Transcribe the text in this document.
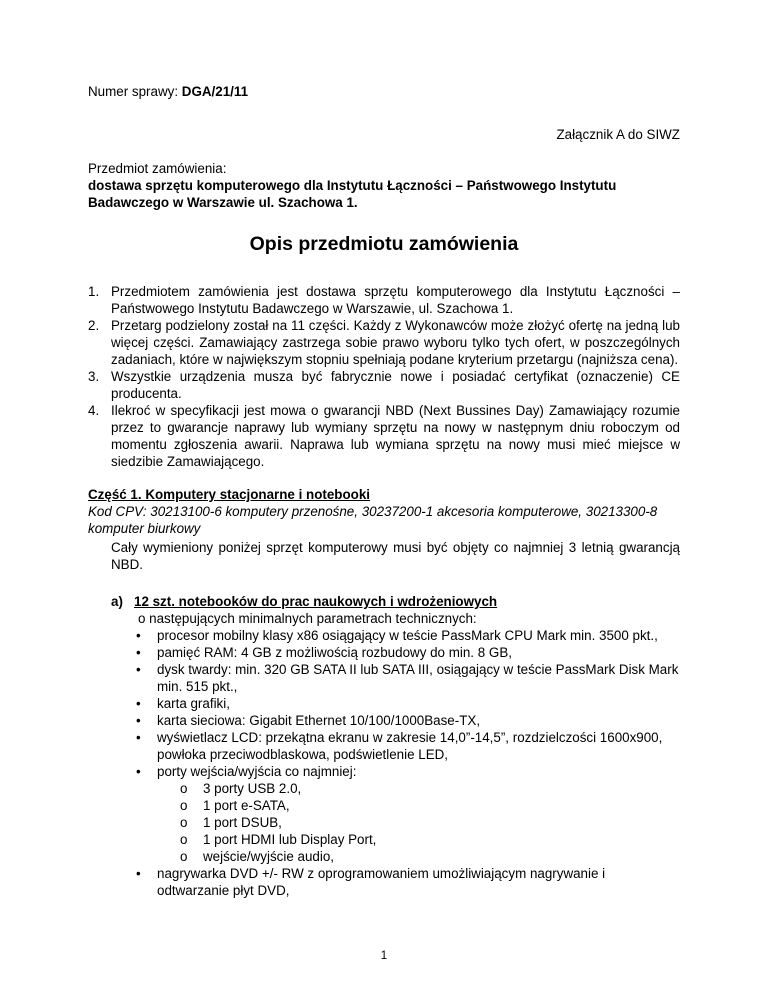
Numer sprawy: DGA/21/11
Załącznik A do SIWZ
Przedmiot zamówienia:
dostawa sprzętu komputerowego dla Instytutu Łączności – Państwowego Instytutu Badawczego w Warszawie ul. Szachowa 1.
Opis przedmiotu zamówienia
1. Przedmiotem zamówienia jest dostawa sprzętu komputerowego dla Instytutu Łączności – Państwowego Instytutu Badawczego w Warszawie, ul. Szachowa 1.
2. Przetarg podzielony został na 11 części. Każdy z Wykonawców może złożyć ofertę na jedną lub więcej części. Zamawiający zastrzega sobie prawo wyboru tylko tych ofert, w poszczególnych zadaniach, które w największym stopniu spełniają podane kryterium przetargu (najniższa cena).
3. Wszystkie urządzenia musza być fabrycznie nowe i posiadać certyfikat (oznaczenie) CE producenta.
4. Ilekroć w specyfikacji jest mowa o gwarancji NBD (Next Bussines Day) Zamawiający rozumie przez to gwarancje naprawy lub wymiany sprzętu na nowy w następnym dniu roboczym od momentu zgłoszenia awarii. Naprawa lub wymiana sprzętu na nowy musi mieć miejsce w siedzibie Zamawiającego.
Część 1. Komputery stacjonarne i notebooki
Kod CPV: 30213100-6 komputery przenośne, 30237200-1 akcesoria komputerowe, 30213300-8 komputer biurkowy
Cały wymieniony poniżej sprzęt komputerowy musi być objęty co najmniej 3 letnią gwarancją NBD.
a) 12 szt. notebooków do prac naukowych i wdrożeniowych
o następujących minimalnych parametrach technicznych:
• procesor mobilny klasy x86 osiągający w teście PassMark CPU Mark min. 3500 pkt.,
• pamięć RAM: 4 GB z możliwością rozbudowy do min. 8 GB,
• dysk twardy: min. 320 GB SATA II lub SATA III, osiągający w teście PassMark Disk Mark min. 515 pkt.,
• karta grafiki,
• karta sieciowa: Gigabit Ethernet 10/100/1000Base-TX,
• wyświetlacz LCD: przekątna ekranu w zakresie 14,0”-14,5”, rozdzielczości 1600x900, powłoka przeciwodblaskowa, podświetlenie LED,
• porty wejścia/wyjścia co najmniej:
o 3 porty USB 2.0,
o 1 port e-SATA,
o 1 port DSUB,
o 1 port HDMI lub Display Port,
o wejście/wyjście audio,
• nagrywarka DVD +/- RW z oprogramowaniem umożliwiającym nagrywanie i odtwarzanie płyt DVD,
1
